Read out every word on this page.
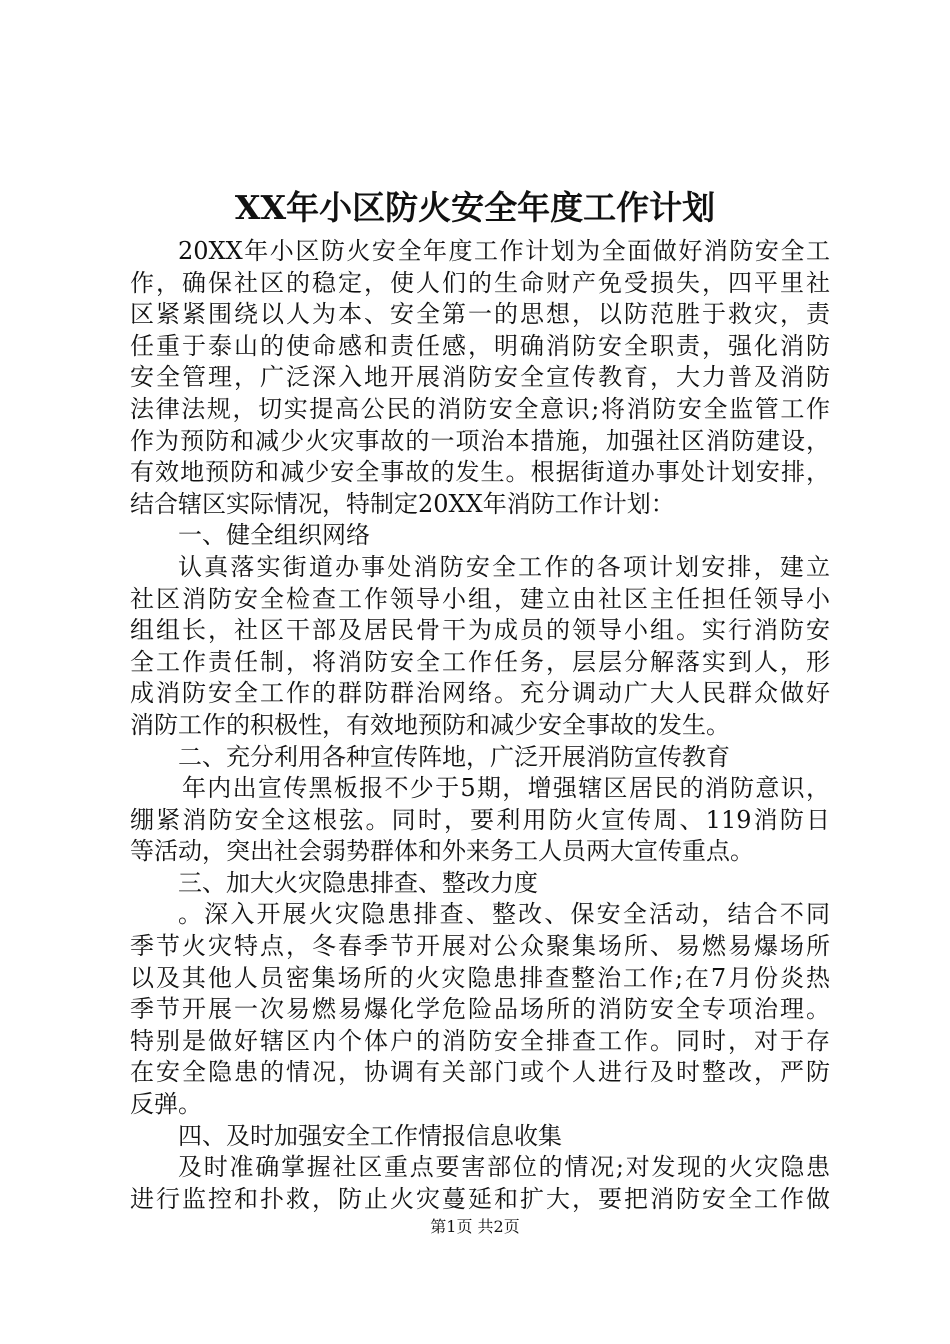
XX年小区防火安全年度工作计划
20XX年小区防火安全年度工作计划为全面做好消防安全工
作，确保社区的稳定，使人们的生命财产免受损失，四平里社
区紧紧围绕以人为本、安全第一的思想，以防范胜于救灾，责
任重于泰山的使命感和责任感，明确消防安全职责，强化消防
安全管理，广泛深入地开展消防安全宣传教育，大力普及消防
法律法规，切实提高公民的消防安全意识;将消防安全监管工作
作为预防和减少火灾事故的一项治本措施，加强社区消防建设，
有效地预防和减少安全事故的发生。根据街道办事处计划安排，
结合辖区实际情况，特制定20XX年消防工作计划：
一、健全组织网络
认真落实街道办事处消防安全工作的各项计划安排，建立
社区消防安全检查工作领导小组，建立由社区主任担任领导小
组组长，社区干部及居民骨干为成员的领导小组。实行消防安
全工作责任制，将消防安全工作任务，层层分解落实到人，形
成消防安全工作的群防群治网络。充分调动广大人民群众做好
消防工作的积极性，有效地预防和减少安全事故的发生。
二、充分利用各种宣传阵地，广泛开展消防宣传教育
年内出宣传黑板报不少于5期，增强辖区居民的消防意识，
绷紧消防安全这根弦。同时，要利用防火宣传周、119消防日
等活动，突出社会弱势群体和外来务工人员两大宣传重点。
三、加大火灾隐患排查、整改力度
。深入开展火灾隐患排查、整改、保安全活动，结合不同
季节火灾特点，冬春季节开展对公众聚集场所、易燃易爆场所
以及其他人员密集场所的火灾隐患排查整治工作;在7月份炎热
季节开展一次易燃易爆化学危险品场所的消防安全专项治理。
特别是做好辖区内个体户的消防安全排查工作。同时，对于存
在安全隐患的情况，协调有关部门或个人进行及时整改，严防
反弹。
四、及时加强安全工作情报信息收集
及时准确掌握社区重点要害部位的情况;对发现的火灾隐患
进行监控和扑救，防止火灾蔓延和扩大，要把消防安全工作做
第1页 共2页
